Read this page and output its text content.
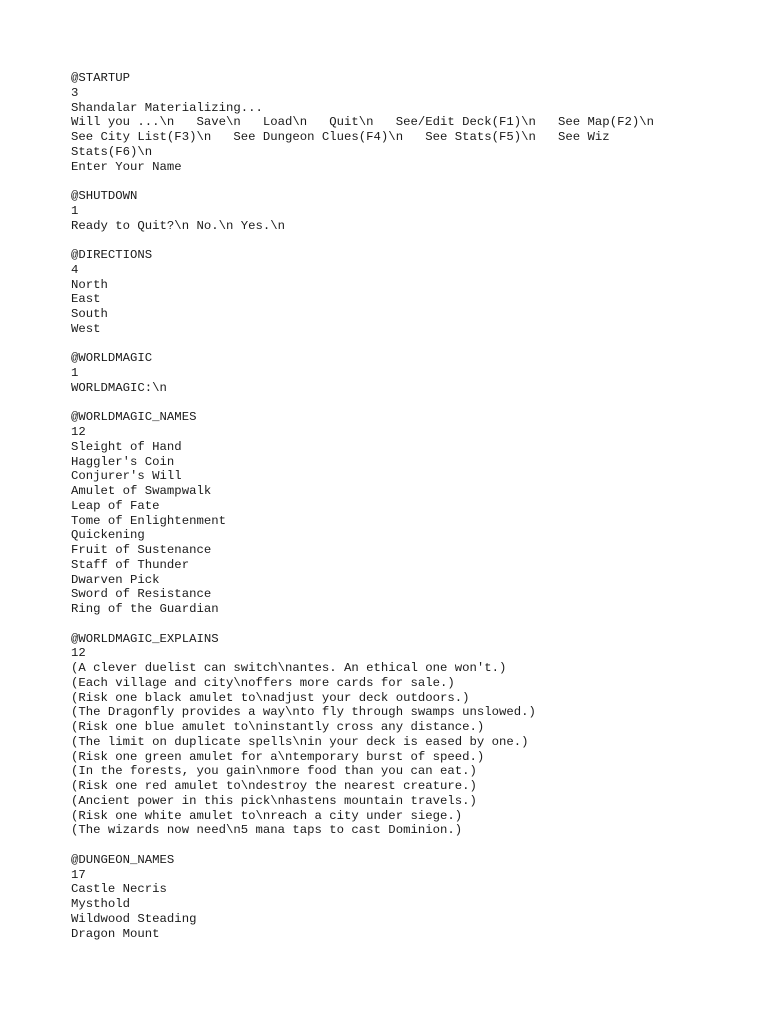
@STARTUP
3
Shandalar Materializing...
Will you ...\n   Save\n   Load\n   Quit\n   See/Edit Deck(F1)\n   See Map(F2)\n
See City List(F3)\n   See Dungeon Clues(F4)\n   See Stats(F5)\n   See Wiz
Stats(F6)\n
Enter Your Name
@SHUTDOWN
1
Ready to Quit?\n No.\n Yes.\n
@DIRECTIONS
4
North
East
South
West
@WORLDMAGIC
1
WORLDMAGIC:\n
@WORLDMAGIC_NAMES
12
Sleight of Hand
Haggler's Coin
Conjurer's Will
Amulet of Swampwalk
Leap of Fate
Tome of Enlightenment
Quickening
Fruit of Sustenance
Staff of Thunder
Dwarven Pick
Sword of Resistance
Ring of the Guardian
@WORLDMAGIC_EXPLAINS
12
(A clever duelist can switch\nantes. An ethical one won't.)
(Each village and city\noffers more cards for sale.)
(Risk one black amulet to\nadjust your deck outdoors.)
(The Dragonfly provides a way\nto fly through swamps unslowed.)
(Risk one blue amulet to\ninstantly cross any distance.)
(The limit on duplicate spells\nin your deck is eased by one.)
(Risk one green amulet for a\ntemporary burst of speed.)
(In the forests, you gain\nmore food than you can eat.)
(Risk one red amulet to\ndestroy the nearest creature.)
(Ancient power in this pick\nhastens mountain travels.)
(Risk one white amulet to\nreach a city under siege.)
(The wizards now need\n5 mana taps to cast Dominion.)
@DUNGEON_NAMES
17
Castle Necris
Mysthold
Wildwood Steading
Dragon Mount
